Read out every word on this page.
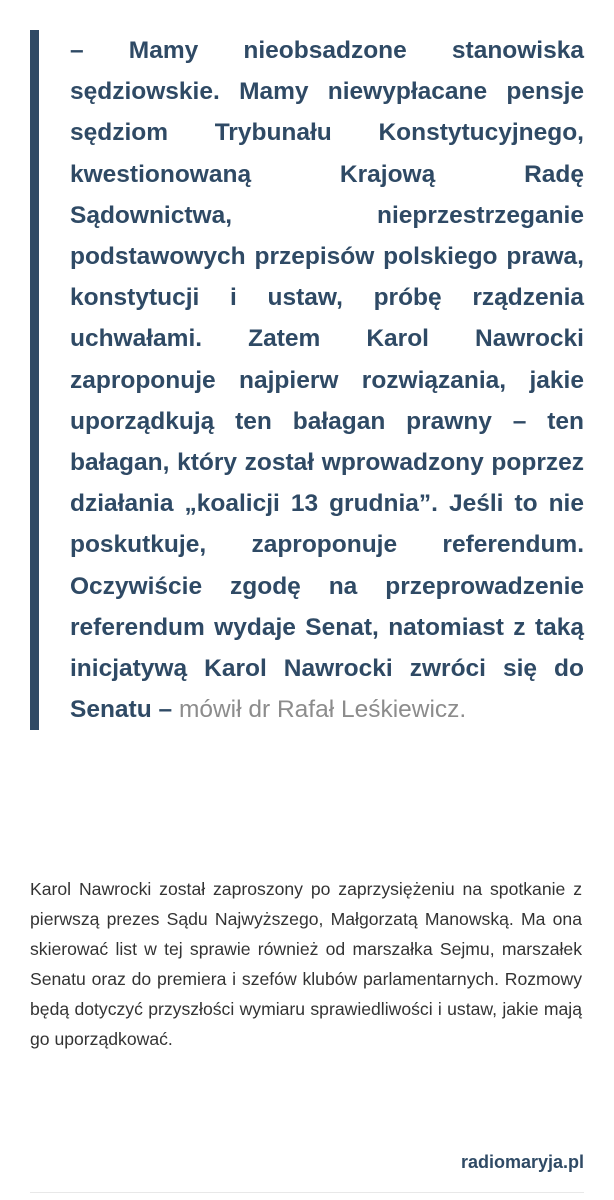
– Mamy nieobsadzone stanowiska sędziowskie. Mamy niewypłacane pensje sędziom Trybunału Konstytucyjnego, kwestionowaną Krajową Radę Sądownictwa, nieprzestrzeganie podstawowych przepisów polskiego prawa, konstytucji i ustaw, próbę rządzenia uchwałami. Zatem Karol Nawrocki zaproponuje najpierw rozwiązania, jakie uporządkują ten bałagan prawny – ten bałagan, który został wprowadzony poprzez działania „koalicji 13 grudnia”. Jeśli to nie poskutkuje, zaproponuje referendum. Oczywiście zgodę na przeprowadzenie referendum wydaje Senat, natomiast z taką inicjatywą Karol Nawrocki zwróci się do Senatu – mówił dr Rafał Leśkiewicz.

Karol Nawrocki został zaproszony po zaprzysiężeniu na spotkanie z pierwszą prezes Sądu Najwyższego, Małgorzatą Manowską. Ma ona skierować list w tej sprawie również od marszałka Sejmu, marszałek Senatu oraz do premiera i szefów klubów parlamentarnych. Rozmowy będą dotyczyć przyszłości wymiaru sprawiedliwości i ustaw, jakie mają go uporządkować.

radiomaryja.pl
